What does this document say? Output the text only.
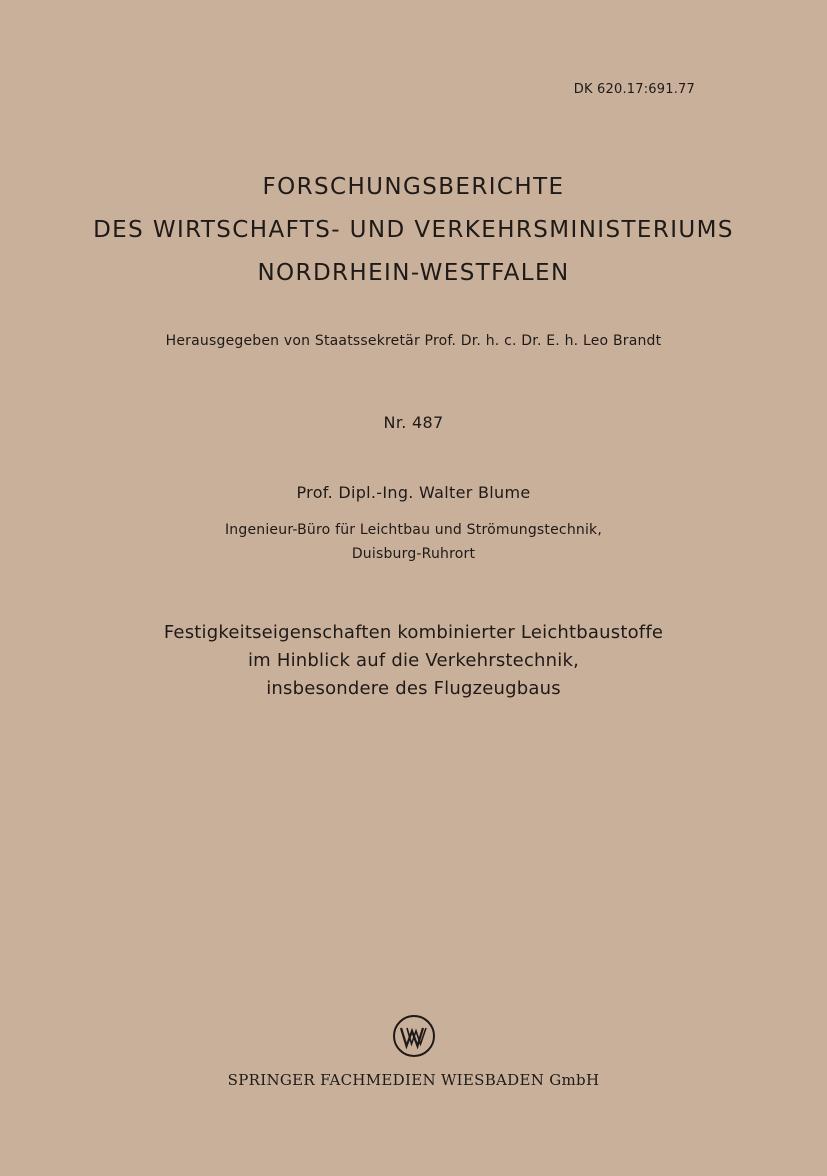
DK 620.17:691.77
FORSCHUNGSBERICHTE
DES WIRTSCHAFTS- UND VERKEHRSMINISTERIUMS
NORDRHEIN-WESTFALEN
Herausgegeben von Staatssekretär Prof. Dr. h. c. Dr. E. h. Leo Brandt
Nr. 487
Prof. Dipl.-Ing. Walter Blume
Ingenieur-Büro für Leichtbau und Strömungstechnik,
Duisburg-Ruhrort
Festigkeitseigenschaften kombinierter Leichtbaustoffe
im Hinblick auf die Verkehrstechnik,
insbesondere des Flugzeugbaus
SPRINGER FACHMEDIEN WIESBADEN GmbH
